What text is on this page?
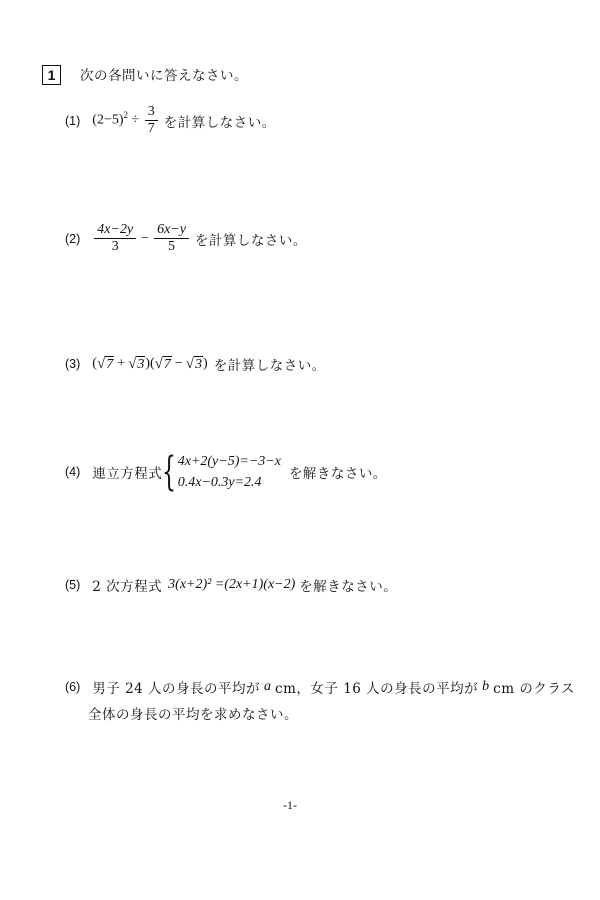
1	次の各問いに答えなさい。
(1) $(2-5)^2 \div \frac{3}{7}$ を計算しなさい。
$(2) \frac{4x-2y}{3} - \frac{6x-y}{5}$ を計算しなさい。
(3) ( √ 7 + √ 3 )( √ 7 − √ 3 ) を計算しなさい。
(4) 連立方程式 { 4x+2(y−5)=−3−x
0.4x−0.3y=2.4
を解きなさい。
(5) 2 次方程式 3(x+2)² =(2x+1)(x−2) を解きなさい。
(6) 男子 24 人の身長の平均が a cm，女子 16 人の身長の平均が b cm のクラス
全体の身長の平均を求めなさい。
-1-
